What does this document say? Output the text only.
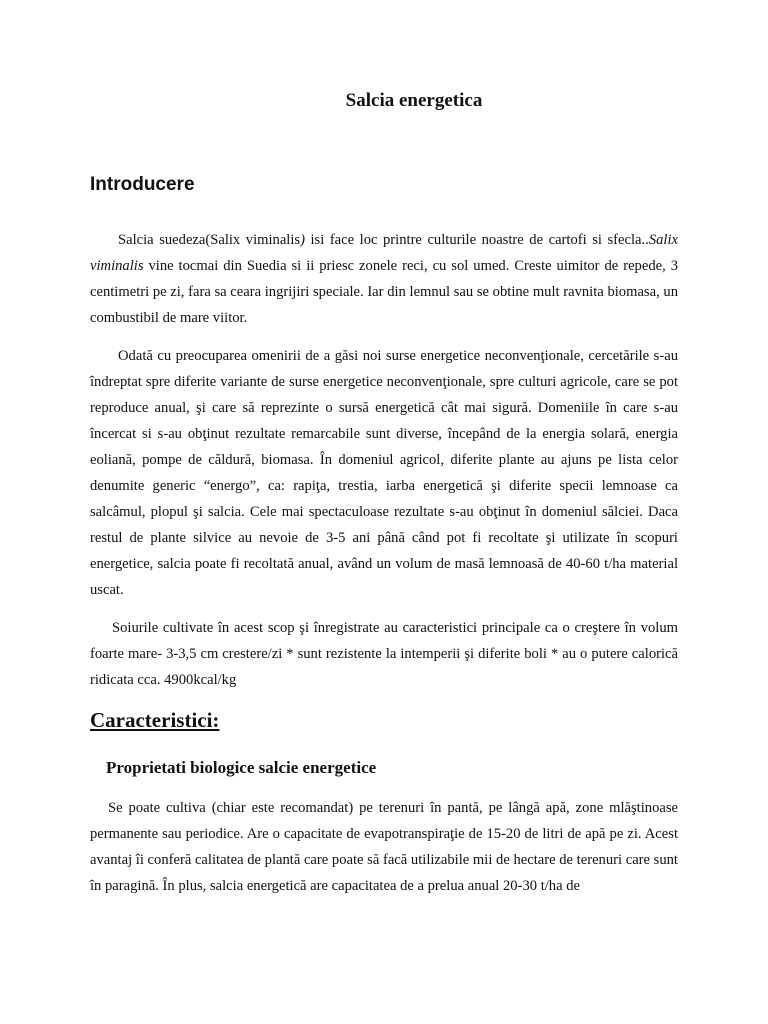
Salcia energetica
Introducere

Salcia suedeza(Salix viminalis) isi face loc printre culturile noastre de cartofi si sfecla..Salix viminalis vine tocmai din Suedia si ii priesc zonele reci, cu sol umed. Creste uimitor de repede, 3 centimetri pe zi, fara sa ceara ingrijiri speciale. Iar din lemnul sau se obtine mult ravnita biomasa, un combustibil de mare viitor.

Odată cu preocuparea omenirii de a găsi noi surse energetice neconvenţionale, cercetările s-au îndreptat spre diferite variante de surse energetice neconvenţionale, spre culturi agricole, care se pot reproduce anual, şi care să reprezinte o sursă energetică cât mai sigură. Domeniile în care s-au încercat si s-au obţinut rezultate remarcabile sunt diverse, începând de la energia solară, energia eoliană, pompe de căldură, biomasa. În domeniul agricol, diferite plante au ajuns pe lista celor denumite generic “energo”, ca: rapiţa, trestia, iarba energetică şi diferite specii lemnoase ca salcâmul, plopul şi salcia. Cele mai spectaculoase rezultate s-au obţinut în domeniul sălciei. Daca restul de plante silvice au nevoie de 3-5 ani până când pot fi recoltate şi utilizate în scopuri energetice, salcia poate fi recoltată anual, având un volum de masă lemnoasă de 40-60 t/ha material uscat.

Soiurile cultivate în acest scop şi înregistrate au caracteristici principale ca o creştere în volum foarte mare- 3-3,5 cm crestere/zi * sunt rezistente la intemperii şi diferite boli * au o putere calorică ridicata cca. 4900kcal/kg

Caracteristici:
Proprietati biologice salcie energetice

Se poate cultiva (chiar este recomandat) pe terenuri în pantă, pe lângă apă, zone mlăştinoase permanente sau periodice. Are o capacitate de evapotranspiraţie de 15-20 de litri de apă pe zi. Acest avantaj îi conferă calitatea de plantă care poate să facă utilizabile mii de hectare de terenuri care sunt în paragină. În plus, salcia energetică are capacitatea de a prelua anual 20-30 t/ha de
